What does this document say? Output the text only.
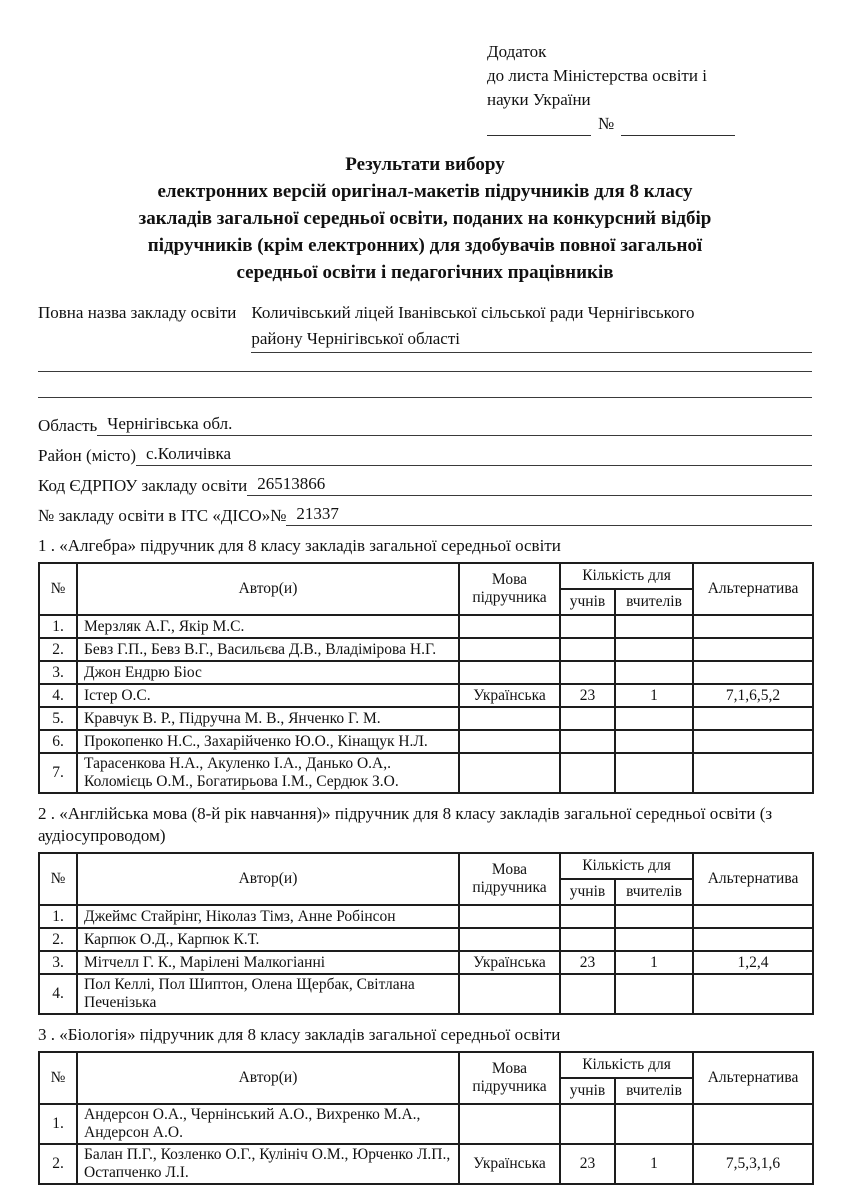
Додаток
до листа Міністерства освіти і
науки України
№
Результати вибору
електронних версій оригінал-макетів підручників для 8 класу
закладів загальної середньої освіти, поданих на конкурсний відбір
підручників (крім електронних) для здобувачів повної загальної
середньої освіти і педагогічних працівників
Повна назва закладу освіти Количівський ліцей Іванівської сільської ради Чернігівського
району Чернігівської області
Область Чернігівська обл.
Район (місто) с.Количівка
Код ЄДРПОУ закладу освіти 26513866
№ закладу освіти в ІТС «ДІСО»№ 21337
1 . «Алгебра» підручник для 8 класу закладів загальної середньої освіти
№	Автор(и)	Мова підручника	Кількість для		Альтернатива
			учнів	вчителів	
1.	Мерзляк А.Г., Якір М.С.				
2.	Бевз Г.П., Бевз В.Г., Васильєва Д.В., Владімірова Н.Г.				
3.	Джон Ендрю Біос				
4.	Істер О.С.	Українська	23	1	7,1,6,5,2
5.	Кравчук В. Р., Підручна М. В., Янченко Г. М.				
6.	Прокопенко Н.С., Захарійченко Ю.О., Кінащук Н.Л.				
7.	Тарасенкова Н.А., Акуленко І.А., Данько О.А,. Коломієць О.М., Богатирьова І.М., Сердюк З.О.				
2 . «Англійська мова (8-й рік навчання)» підручник для 8 класу закладів загальної середньої освіти (з аудіосупроводом)
№	Автор(и)	Мова підручника	Кількість для		Альтернатива
			учнів	вчителів	
1.	Джеймс Стайрінг, Ніколаз Тімз, Анне Робінсон				
2.	Карпюк О.Д., Карпюк К.Т.				
3.	Мітчелл Г. К., Марілені Малкогіанні	Українська	23	1	1,2,4
4.	Пол Келлі, Пол Шиптон, Олена Щербак, Світлана Печенізька				
3 . «Біологія» підручник для 8 класу закладів загальної середньої освіти
№	Автор(и)	Мова підручника	Кількість для		Альтернатива
			учнів	вчителів	
1.	Андерсон О.А., Чернінський А.О., Вихренко М.А., Андерсон А.О.				
2.	Балан П.Г., Козленко О.Г., Кулініч О.М., Юрченко Л.П., Остапченко Л.І.	Українська	23	1	7,5,3,1,6
